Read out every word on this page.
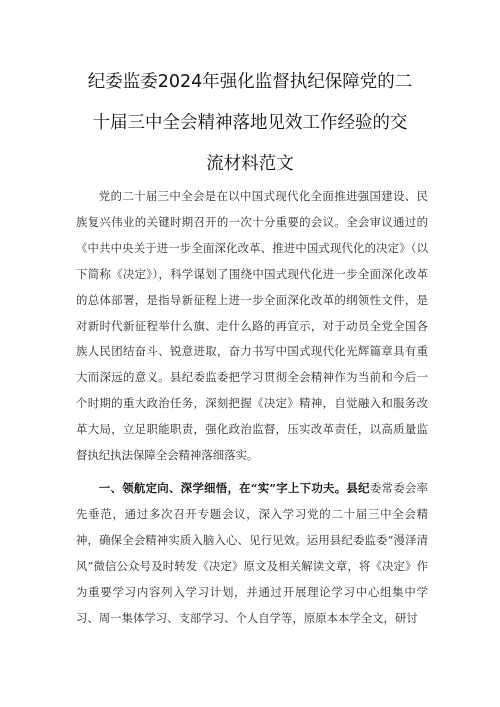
纪委监委2024年强化监督执纪保障党的二
十届三中全会精神落地见效工作经验的交
流材料范文

党的二十届三中全会是在以中国式现代化全面推进强国建设、民族复兴伟业的关键时期召开的一次十分重要的会议。全会审议通过的《中共中央关于进一步全面深化改革、推进中国式现代化的决定》（以下简称《决定》），科学谋划了围绕中国式现代化进一步全面深化改革的总体部署，是指导新征程上进一步全面深化改革的纲领性文件，是对新时代新征程举什么旗、走什么路的再宣示，对于动员全党全国各族人民团结奋斗、锐意进取，奋力书写中国式现代化光辉篇章具有重大而深远的意义。县纪委监委把学习贯彻全会精神作为当前和今后一个时期的重大政治任务，深刻把握《决定》精神，自觉融入和服务改革大局，立足职能职责，强化政治监督，压实改革责任，以高质量监督执纪执法保障全会精神落细落实。

一、领航定向、深学细悟，在“实”字上下功夫。县纪委常委会率先垂范，通过多次召开专题会议，深入学习党的二十届三中全会精神，确保全会精神实质入脑入心、见行见效。运用县纪委监委“漫泽清风”微信公众号及时转发《决定》原文及相关解读文章，将《决定》作为重要学习内容列入学习计划，并通过开展理论学习中心组集中学习、周一集体学习、支部学习、个人自学等，原原本本学全文，研讨
